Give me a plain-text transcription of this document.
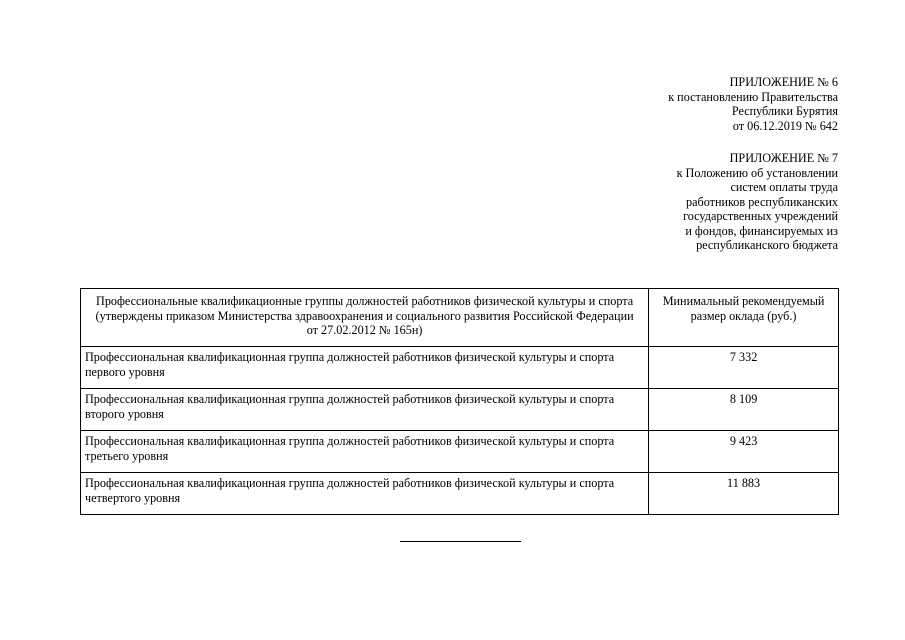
ПРИЛОЖЕНИЕ № 6
к постановлению Правительства
Республики Бурятия
от 06.12.2019 № 642
ПРИЛОЖЕНИЕ № 7
к Положению об установлении
систем оплаты труда
работников республиканских
государственных учреждений
и фондов, финансируемых из
республиканского бюджета
Профессиональные квалификационные группы должностей работников физической культуры и спорта (утверждены приказом Министерства здравоохранения и социального развития Российской Федерации от 27.02.2012 № 165н)	Минимальный рекомендуемый размер оклада (руб.)
Профессиональная квалификационная группа должностей работников физической культуры и спорта первого уровня	7 332
Профессиональная квалификационная группа должностей работников физической культуры и спорта второго уровня	8 109
Профессиональная квалификационная группа должностей работников физической культуры и спорта третьего уровня	9 423
Профессиональная квалификационная группа должностей работников физической культуры и спорта четвертого уровня	11 883
